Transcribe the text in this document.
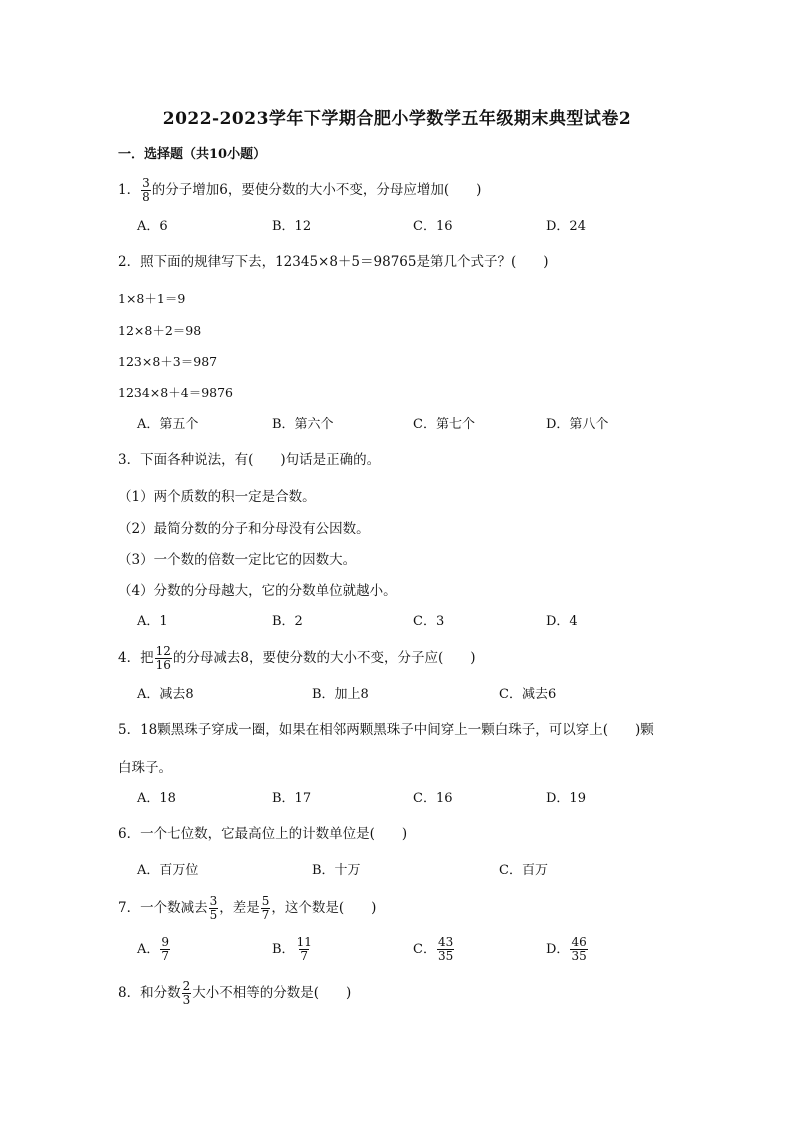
2022-2023学年下学期合肥小学数学五年级期末典型试卷2
一．选择题（共10小题）
1． $\frac{3}{8}$ 的分子增加6，要使分数的大小不变，分母应增加(　　)
A．6	B．12	C．16	D．24
2．照下面的规律写下去，12345×8＋5＝98765是第几个式子？(　　)
1×8＋1＝9
12×8＋2＝98
123×8＋3＝987
1234×8＋4＝9876
A．第五个	B．第六个	C．第七个	D．第八个
3．下面各种说法，有(　　)句话是正确的。
（1）两个质数的积一定是合数。
（2）最简分数的分子和分母没有公因数。
（3）一个数的倍数一定比它的因数大。
（4）分数的分母越大，它的分数单位就越小。
A．1	B．2	C．3	D．4
4．把 $\frac{12}{16}$ 的分母减去8，要使分数的大小不变，分子应(　　)
A．减去8	B．加上8	C．减去6
5．18颗黑珠子穿成一圈，如果在相邻两颗黑珠子中间穿上一颗白珠子，可以穿上(　　)颗
白珠子。
A．18	B．17	C．16	D．19
6．一个七位数，它最高位上的计数单位是(　　)
A．百万位	B．十万	C．百万
7．一个数减去 $\frac{3}{5}$ ，差是 $\frac{5}{7}$ ，这个数是(　　)
A． $\frac{9}{7}$	B． $\frac{11}{7}$	C． $\frac{43}{35}$	D． $\frac{46}{35}$
8．和分数 $\frac{2}{3}$ 大小不相等的分数是(　　)
